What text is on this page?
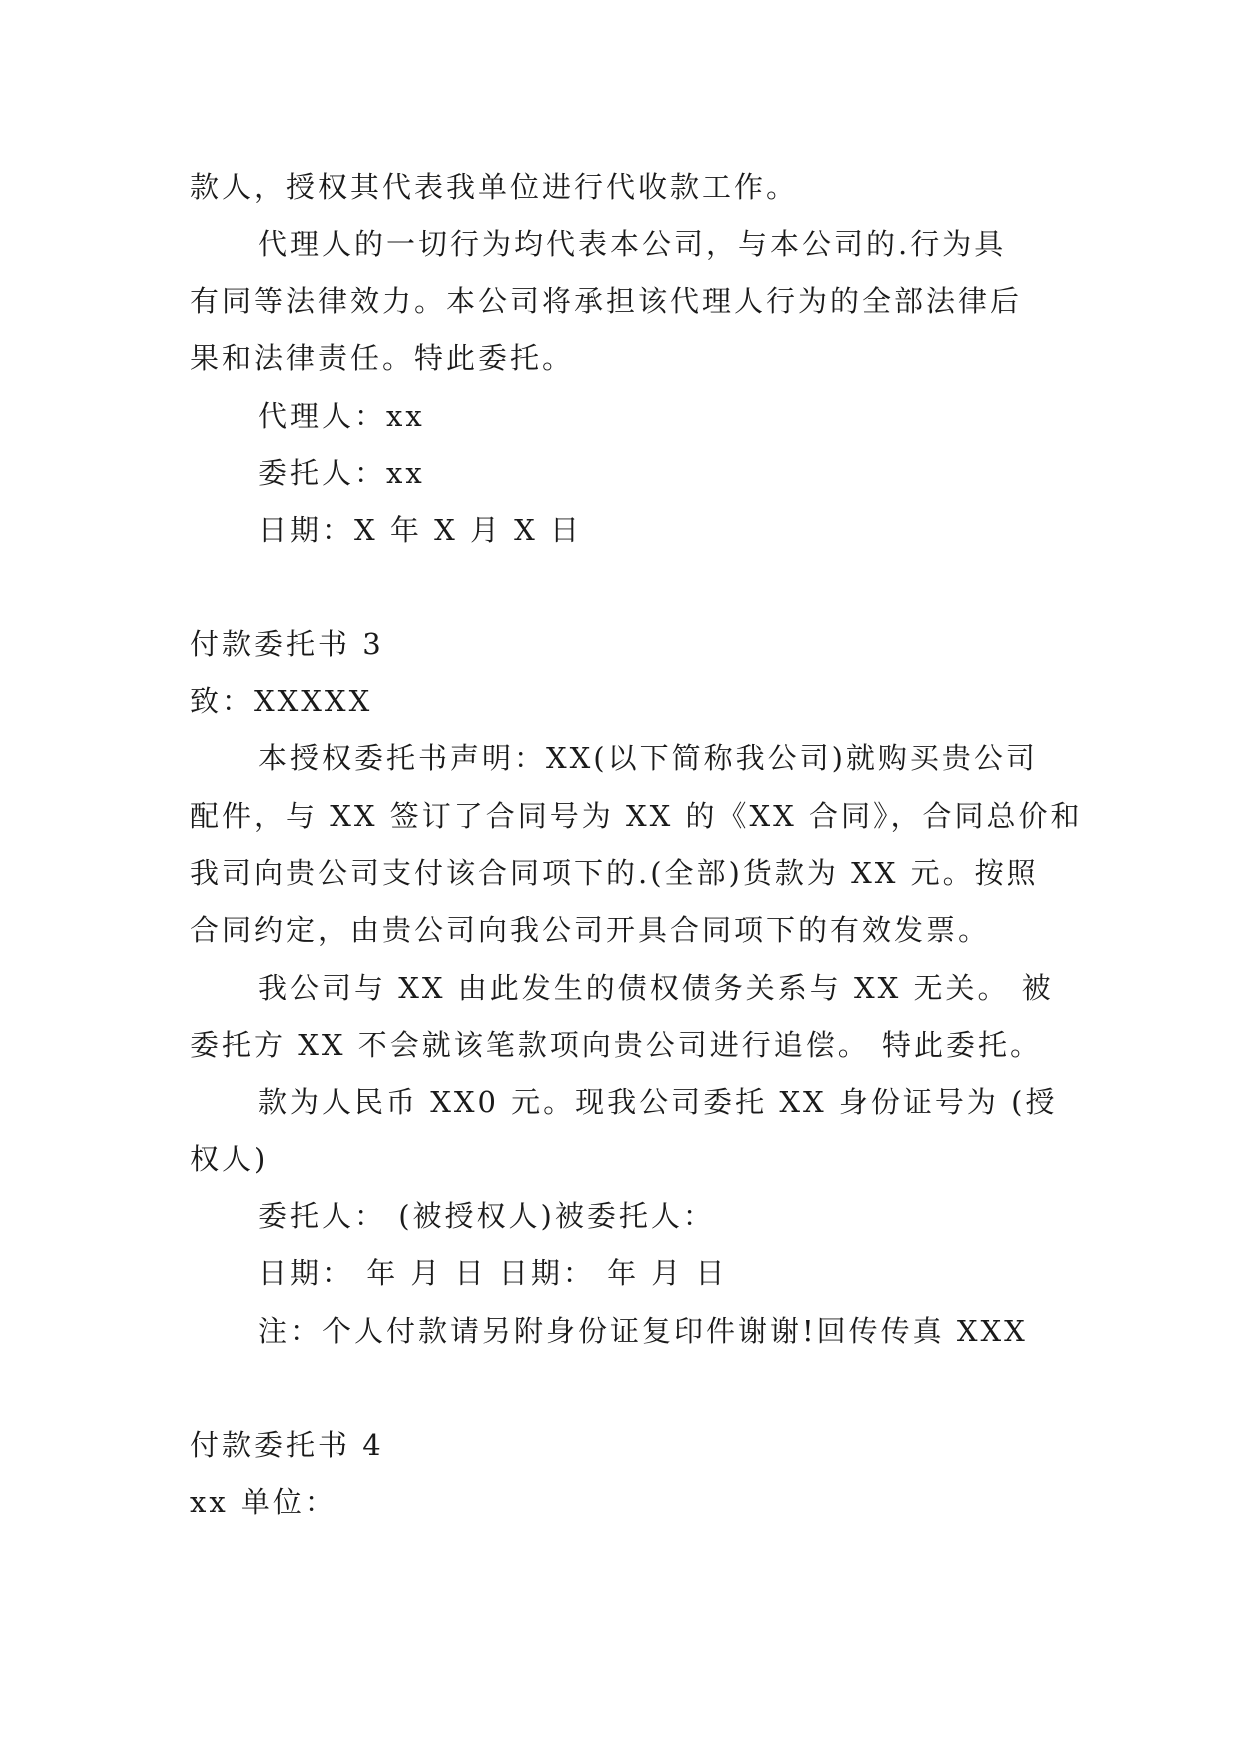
款人，授权其代表我单位进行代收款工作。
代理人的一切行为均代表本公司，与本公司的.行为具
有同等法律效力。本公司将承担该代理人行为的全部法律后
果和法律责任。特此委托。
代理人：xx
委托人：xx
日期：X 年 X 月 X 日
付款委托书 3
致：XXXXX
本授权委托书声明：XX(以下简称我公司)就购买贵公司
配件，与 XX 签订了合同号为 XX 的《XX 合同》，合同总价和
我司向贵公司支付该合同项下的.(全部)货款为 XX 元。按照
合同约定，由贵公司向我公司开具合同项下的有效发票。
我公司与 XX 由此发生的债权债务关系与 XX 无关。 被
委托方 XX 不会就该笔款项向贵公司进行追偿。 特此委托。
款为人民币 XX0 元。现我公司委托 XX 身份证号为 (授
权人)
委托人： (被授权人)被委托人：
日期： 年 月 日 日期： 年 月 日
注：个人付款请另附身份证复印件谢谢!回传传真 XXX
付款委托书 4
xx 单位：
